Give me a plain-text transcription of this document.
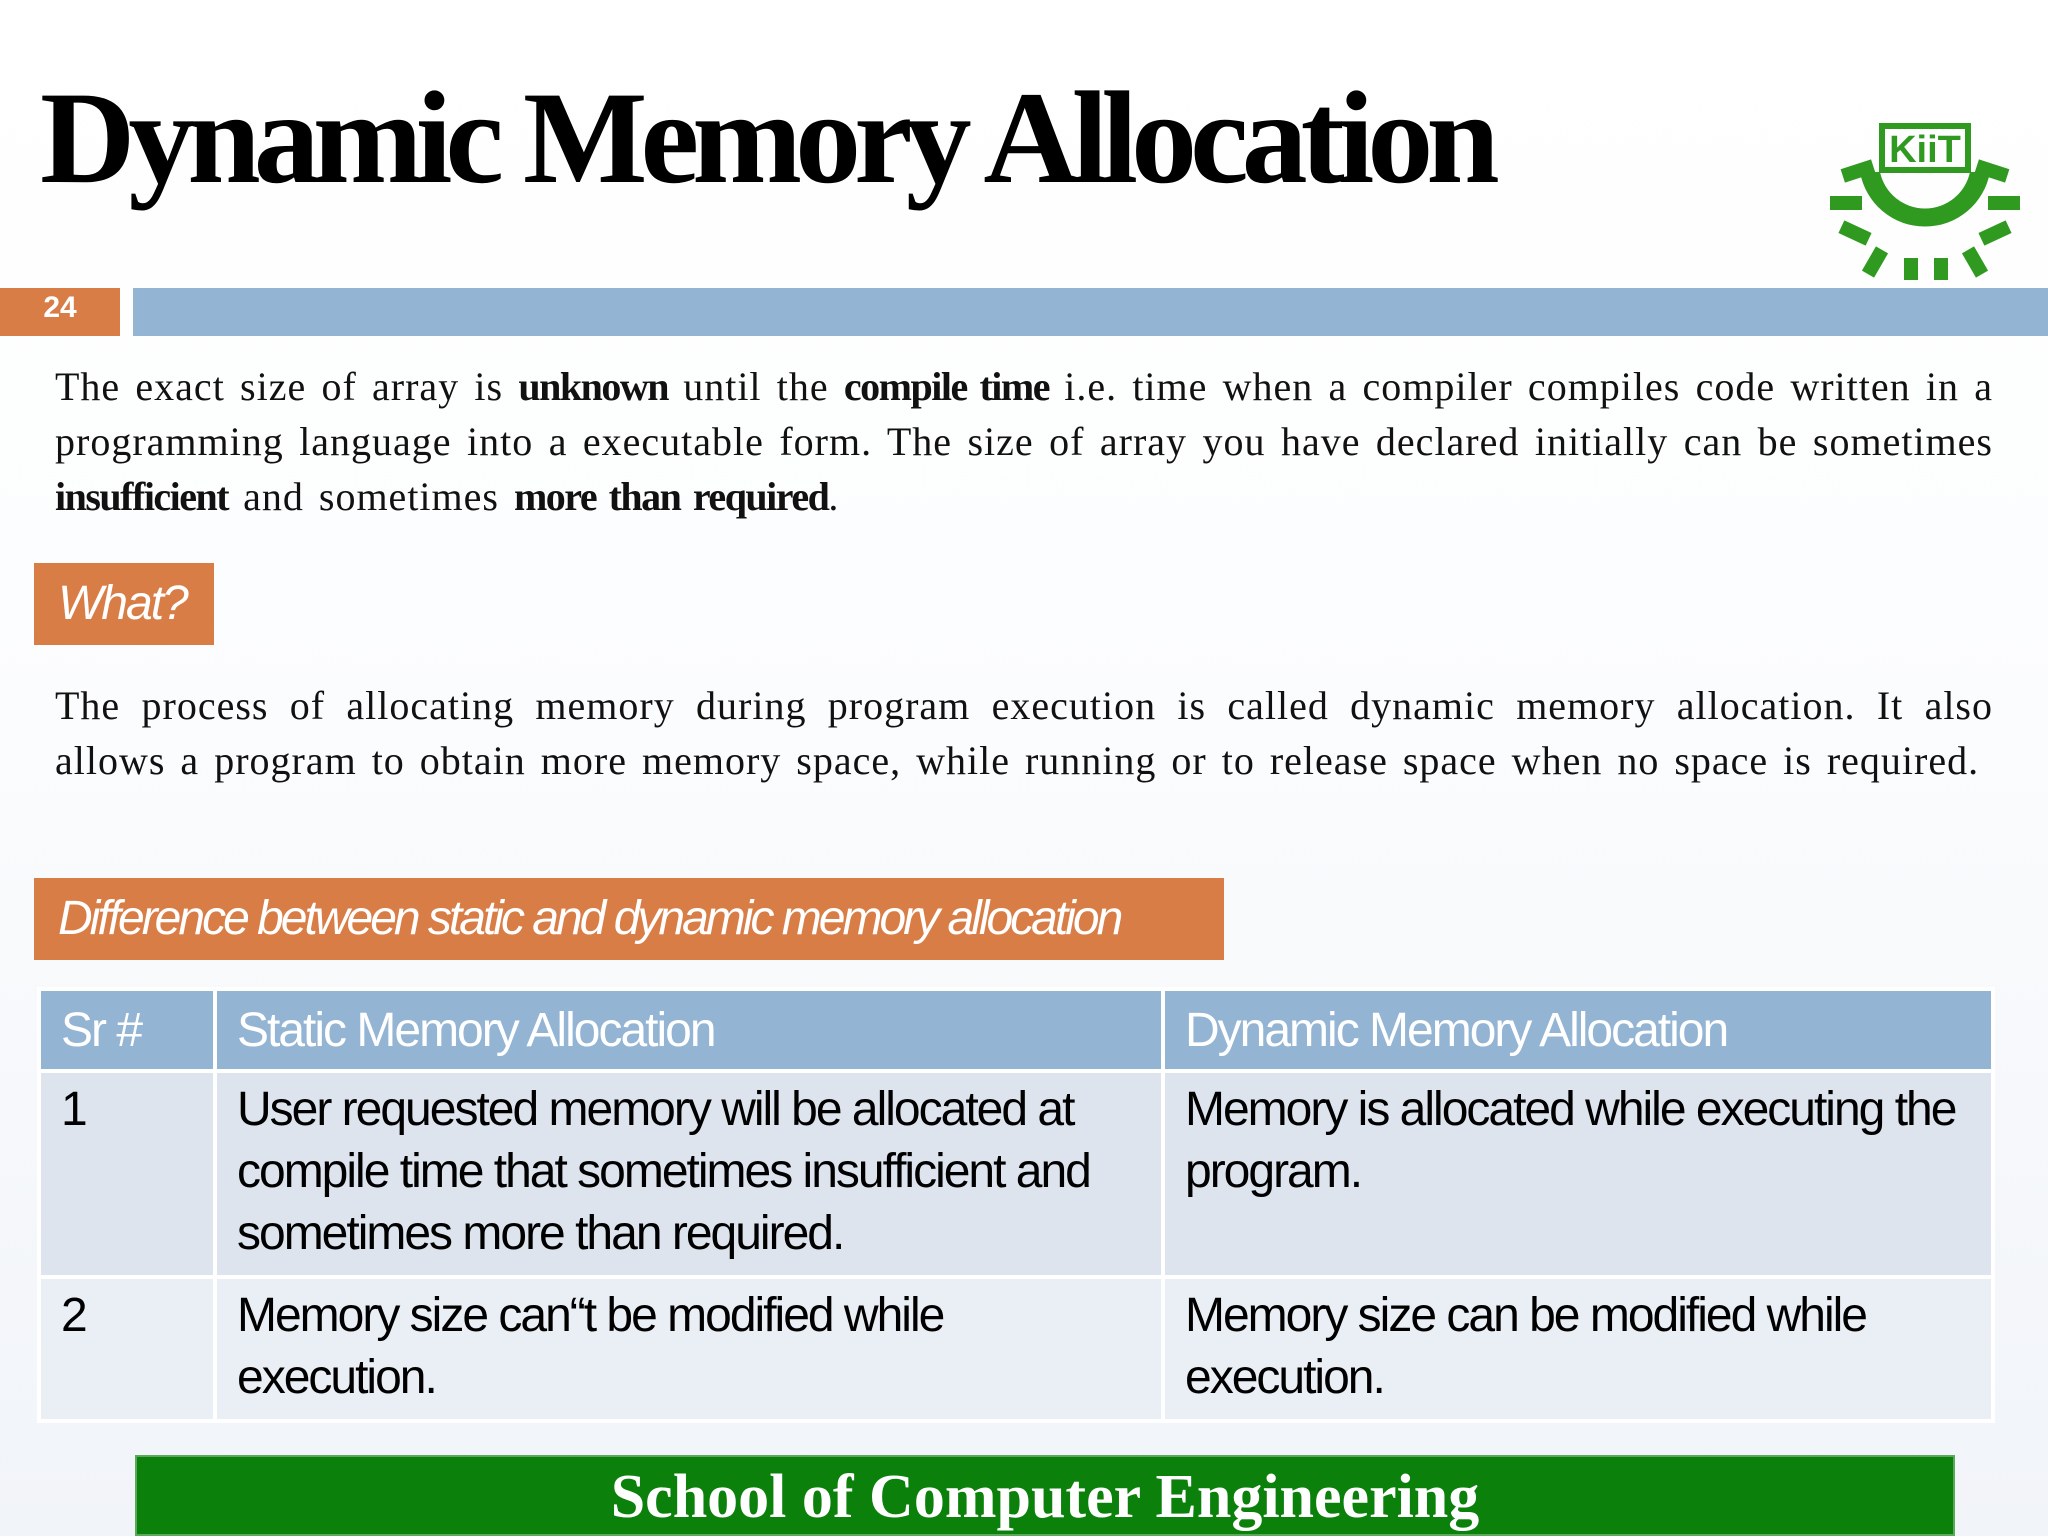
Dynamic Memory Allocation	KiiT
24

The exact size of array is unknown until the compile time i.e. time when a compiler compiles code written in a programming language into a executable form. The size of array you have declared initially can be sometimes insufficient and sometimes more than required.

What?

The process of allocating memory during program execution is called dynamic memory allocation. It also allows a program to obtain more memory space, while running or to release space when no space is required.

Difference between static and dynamic memory allocation
Sr #	Static Memory Allocation	Dynamic Memory Allocation
1	User requested memory will be allocated at compile time that sometimes insufficient and sometimes more than required.	Memory is allocated while executing the program.
2	Memory size can“t be modified while execution.	Memory size can be modified while execution.
School of Computer Engineering
